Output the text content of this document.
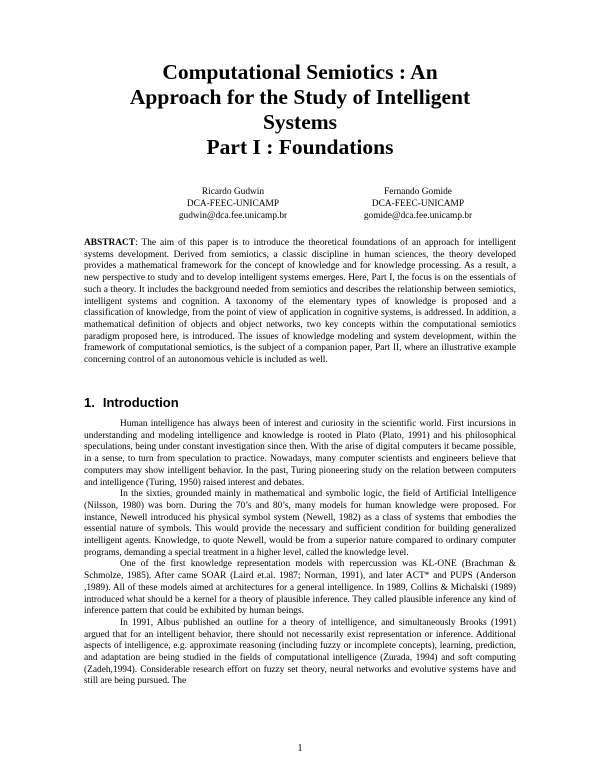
Computational Semiotics : An
Approach for the Study of Intelligent
Systems
Part I : Foundations
Ricardo Gudwin
DCA-FEEC-UNICAMP
gudwin@dca.fee.unicamp.br
Fernando Gomide
DCA-FEEC-UNICAMP
gomide@dca.fee.unicamp.br
ABSTRACT: The aim of this paper is to introduce the theoretical foundations of an approach for intelligent systems development. Derived from semiotics, a classic discipline in human sciences, the theory developed provides a mathematical framework for the concept of knowledge and for knowledge processing. As a result, a new perspective to study and to develop intelligent systems emerges. Here, Part I, the focus is on the essentials of such a theory. It includes the background needed from semiotics and describes the relationship between semiotics, intelligent systems and cognition. A taxonomy of the elementary types of knowledge is proposed and a classification of knowledge, from the point of view of application in cognitive systems, is addressed. In addition, a mathematical definition of objects and object networks, two key concepts within the computational semiotics paradigm proposed here, is introduced. The issues of knowledge modeling and system development, within the framework of computational semiotics, is the subject of a companion paper, Part II, where an illustrative example concerning control of an autonomous vehicle is included as well.
1. Introduction

Human intelligence has always been of interest and curiosity in the scientific world. First incursions in understanding and modeling intelligence and knowledge is rooted in Plato (Plato, 1991) and his philosophical speculations, being under constant investigation since then. With the arise of digital computers it became possible, in a sense, to turn from speculation to practice. Nowadays, many computer scientists and engineers believe that computers may show intelligent behavior. In the past, Turing pioneering study on the relation between computers and intelligence (Turing, 1950) raised interest and debates.

In the sixties, grounded mainly in mathematical and symbolic logic, the field of Artificial Intelligence (Nilsson, 1980) was born. During the 70’s and 80’s, many models for human knowledge were proposed. For instance, Newell introduced his physical symbol system (Newell, 1982) as a class of systems that embodies the essential nature of symbols. This would provide the necessary and sufficient condition for building generalized intelligent agents. Knowledge, to quote Newell, would be from a superior nature compared to ordinary computer programs, demanding a special treatment in a higher level, called the knowledge level.

One of the first knowledge representation models with repercussion was KL-ONE (Brachman & Schmolze, 1985). After came SOAR (Laird et.al. 1987; Norman, 1991), and later ACT* and PUPS (Anderson ,1989). All of these models aimed at architectures for a general intelligence. In 1989, Collins & Michalski (1989) introduced what should be a kernel for a theory of plausible inference. They called plausible inference any kind of inference pattern that could be exhibited by human beings.

In 1991, Albus published an outline for a theory of intelligence, and simultaneously Brooks (1991) argued that for an intelligent behavior, there should not necessarily exist representation or inference. Additional aspects of intelligence, e.g. approximate reasoning (including fuzzy or incomplete concepts), learning, prediction, and adaptation are being studied in the fields of computational intelligence (Zurada, 1994) and soft computing (Zadeh,1994). Considerable research effort on fuzzy set theory, neural networks and evolutive systems have and still are being pursued. The

1
